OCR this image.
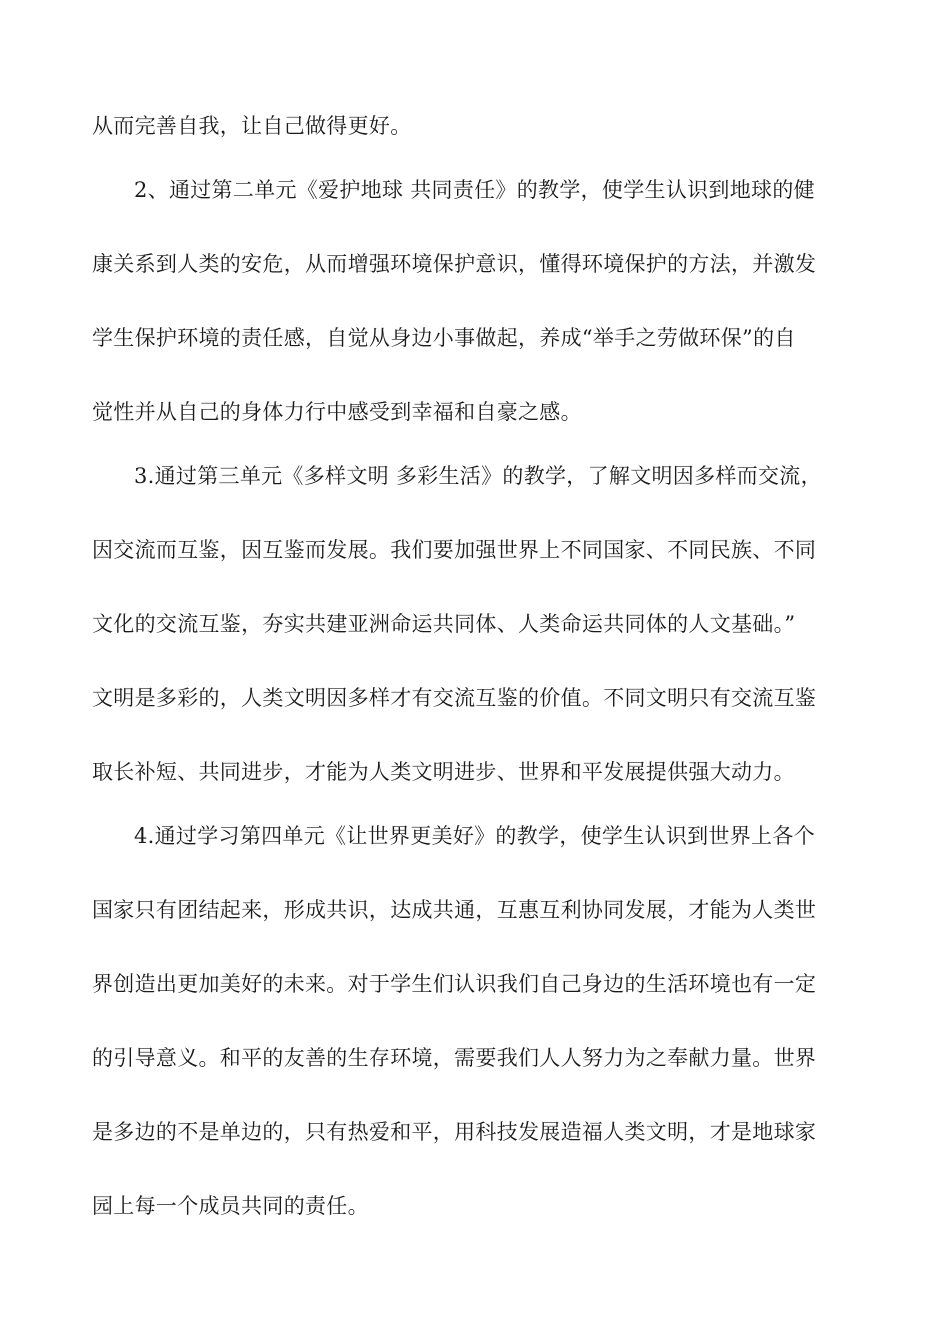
从而完善自我，让自己做得更好。
2、通过第二单元《爱护地球 共同责任》的教学，使学生认识到地球的健
康关系到人类的安危，从而增强环境保护意识，懂得环境保护的方法，并激发
学生保护环境的责任感，自觉从身边小事做起，养成“举手之劳做环保”的自
觉性并从自己的身体力行中感受到幸福和自豪之感。
3.通过第三单元《多样文明 多彩生活》的教学，了解文明因多样而交流，
因交流而互鉴，因互鉴而发展。我们要加强世界上不同国家、不同民族、不同
文化的交流互鉴，夯实共建亚洲命运共同体、人类命运共同体的人文基础。”
文明是多彩的，人类文明因多样才有交流互鉴的价值。不同文明只有交流互鉴
取长补短、共同进步，才能为人类文明进步、世界和平发展提供强大动力。
4.通过学习第四单元《让世界更美好》的教学，使学生认识到世界上各个
国家只有团结起来，形成共识，达成共通，互惠互利协同发展，才能为人类世
界创造出更加美好的未来。对于学生们认识我们自己身边的生活环境也有一定
的引导意义。和平的友善的生存环境，需要我们人人努力为之奉献力量。世界
是多边的不是单边的，只有热爱和平，用科技发展造福人类文明，才是地球家
园上每一个成员共同的责任。
